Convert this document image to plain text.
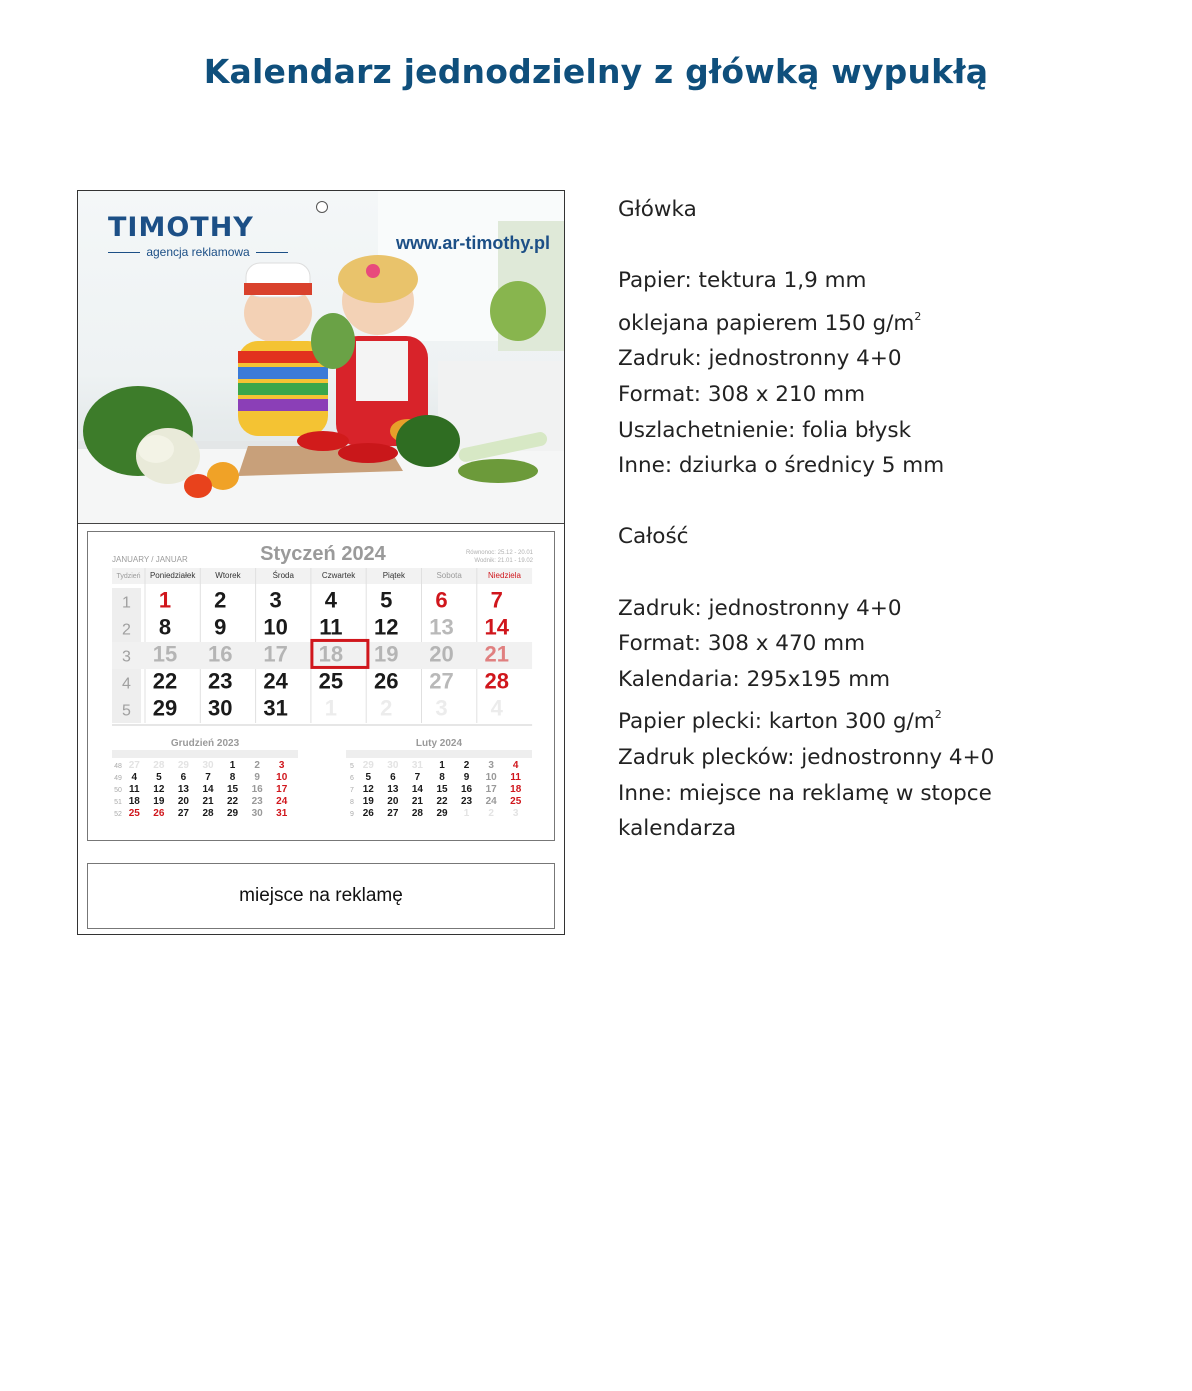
Kalendarz jednodzielny z główką wypukłą
TIMOTHY
agencja reklamowa	www.ar-timothy.pl
JANUARY / JANUAR	Styczeń 2024	Równonoc: 25.12 - 20.01
Wodnik: 21.01 - 19.02
Tydzień Poniedziałek Wtorek	Środa	Czwartek	Piątek	Sobota	Niedziela
1 1 2 3 4 5 6 7
2 8 9 10 11 12 13 14
3 15 16 17 18 19 20 21
4 22 23 24 25 26 27 28
5 29 30 31 1 2 3 4
Grudzień 2023
48 27 28 29 30 1 2 3
49 4 5 6 7 8 9 10
50 11 12 13 14 15 16 17
51 18 19 20 21 22 23 24
52 25 26 27 28 29 30 31
Luty 2024
5 29 30 31 1 2 3 4
6 5 6 7 8 9 10 11
7 12 13 14 15 16 17 18
8 19 20 21 22 23 24 25
9 26 27 28 29 1 2 3
miejsce na reklamę
Główka
Papier: tektura 1,9 mm
oklejana papierem 150 $g/m^2$
Zadruk: jednostronny 4+0
Format: 308 x 210 mm
Uszlachetnienie: folia błysk
Inne: dziurka o średnicy 5 mm
Całość
Zadruk: jednostronny 4+0
Format: 308 x 470 mm
Kalendaria: 295x195 mm
Papier plecki: karton 300 $g/m^2$
Zadruk plecków: jednostronny 4+0
Inne: miejsce na reklamę w stopce
kalendarza
